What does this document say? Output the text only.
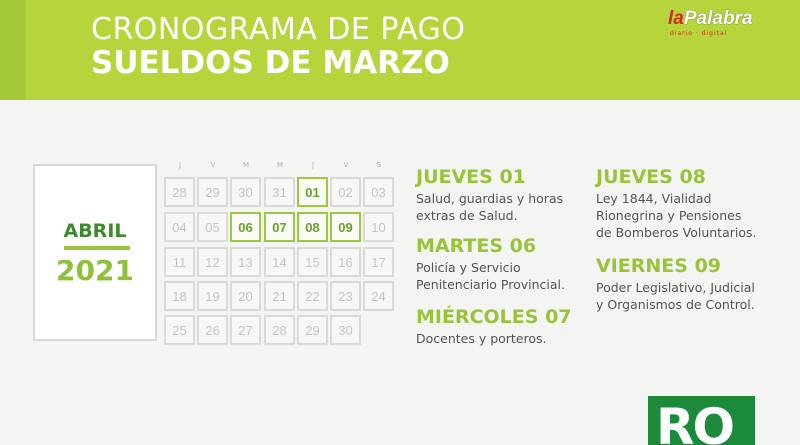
CRONOGRAMA DE PAGO
SUELDOS DE MARZO
laPalabra
diario · digital
ABRIL
2021
J	V	M	M	J	V	S
28	29	30	31	01	02	03
04	05	06	07	08	09	10
11	12	13	14	15	16	17
18	19	20	21	22	23	24
25	26	27	28	29	30
JUEVES 01
Salud, guardias y horas
extras de Salud.
MARTES 06
Policía y Servicio
Penitenciario Provincial.
MIÉRCOLES 07
Docentes y porteros.
JUEVES 08
Ley 1844, Vialidad
Rionegrina y Pensiones
de Bomberos Voluntarios.
VIERNES 09
Poder Legislativo, Judicial
y Organismos de Control.
RO
